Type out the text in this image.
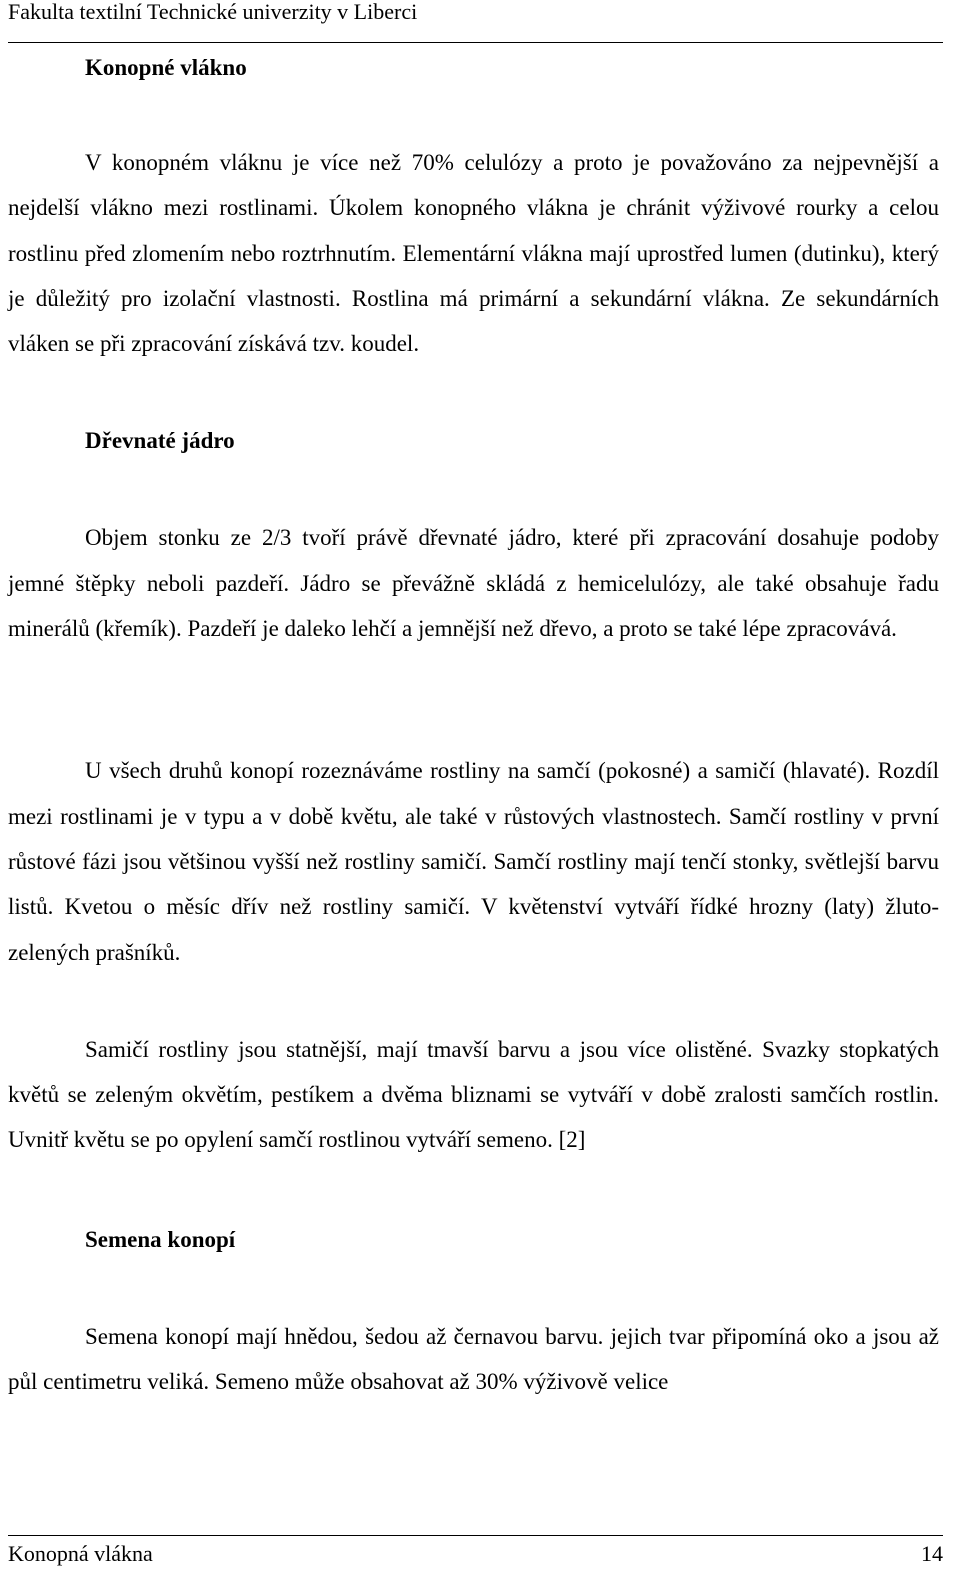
Fakulta textilní Technické univerzity v Liberci
Konopné vlákno

V konopném vláknu je více než 70% celulózy a proto je považováno za nejpevnější a nejdelší vlákno mezi rostlinami. Úkolem konopného vlákna je chránit výživové rourky a celou rostlinu před zlomením nebo roztrhnutím. Elementární vlákna mají uprostřed lumen (dutinku), který je důležitý pro izolační vlastnosti. Rostlina má primární a sekundární vlákna. Ze sekundárních vláken se při zpracování získává tzv. koudel.

Dřevnaté jádro

Objem stonku ze 2/3 tvoří právě dřevnaté jádro, které při zpracování dosahuje podoby jemné štěpky neboli pazdeří. Jádro se převážně skládá z hemicelulózy, ale také obsahuje řadu minerálů (křemík). Pazdeří je daleko lehčí a jemnější než dřevo, a proto se také lépe zpracovává.

U všech druhů konopí rozeznáváme rostliny na samčí (pokosné) a samičí (hlavaté). Rozdíl mezi rostlinami je v typu a v době květu, ale také v růstových vlastnostech. Samčí rostliny v první růstové fázi jsou většinou vyšší než rostliny samičí. Samčí rostliny mají tenčí stonky, světlejší barvu listů. Kvetou o měsíc dřív než rostliny samičí. V květenství vytváří řídké hrozny (laty) žluto-zelených prašníků.

Samičí rostliny jsou statnější, mají tmavší barvu a jsou více olistěné. Svazky stopkatých květů se zeleným okvětím, pestíkem a dvěma bliznami se vytváří v době zralosti samčích rostlin. Uvnitř květu se po opylení samčí rostlinou vytváří semeno. [2]

Semena konopí

Semena konopí mají hnědou, šedou až černavou barvu. jejich tvar připomíná oko a jsou až půl centimetru veliká. Semeno může obsahovat až 30% výživově velice

Konopná vlákna	14
